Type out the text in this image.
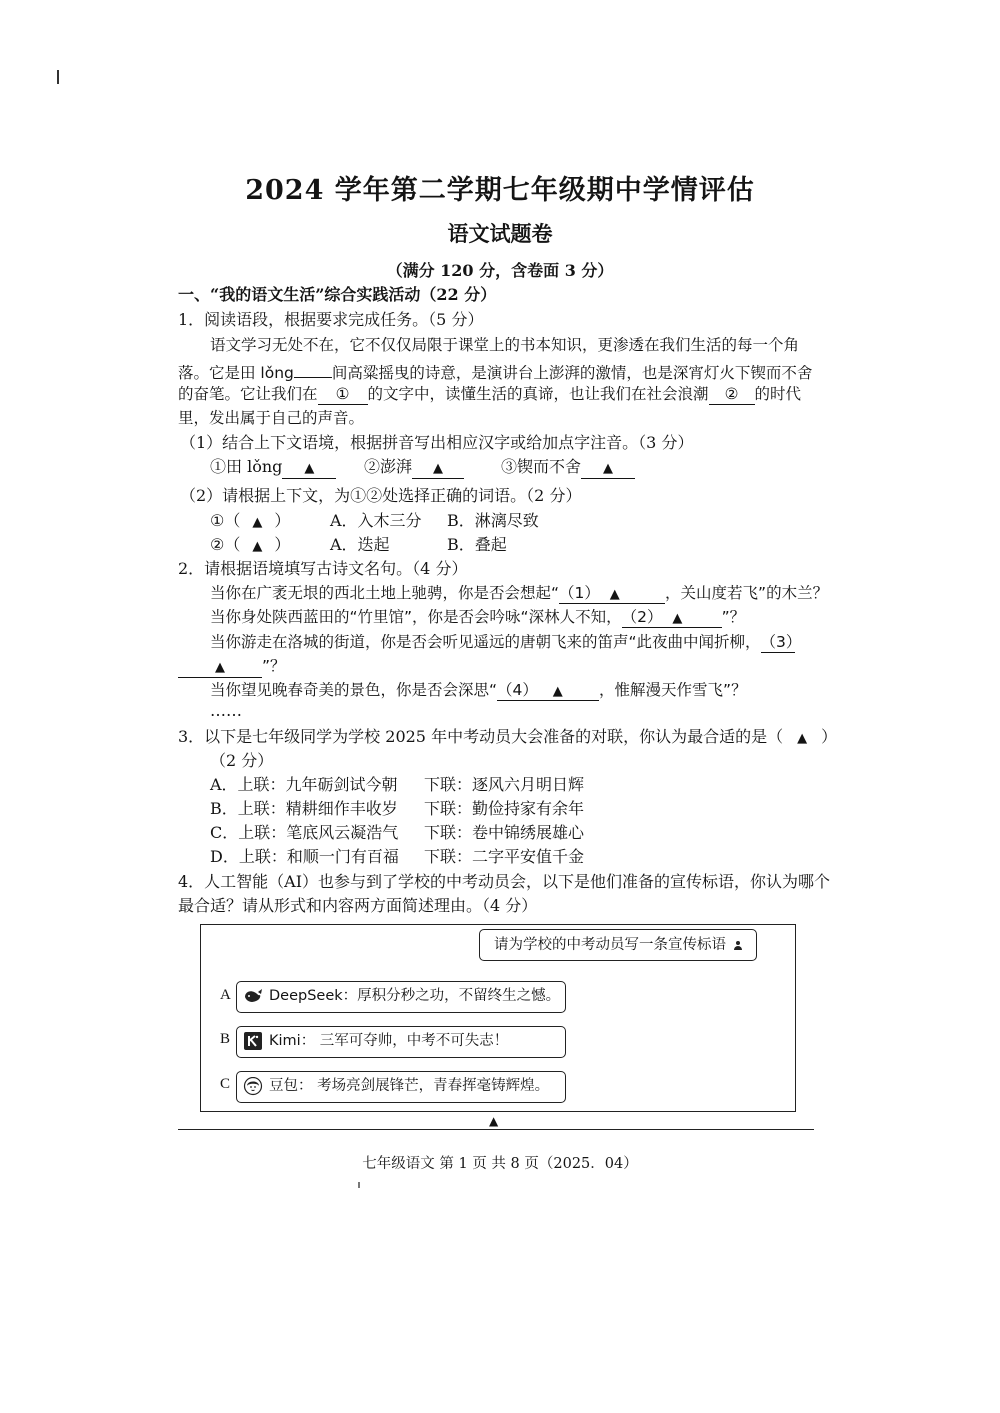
2024 学年第二学期七年级期中学情评估
语文试题卷
（满分 120 分，含卷面 3 分）
一、“我的语文生活”综合实践活动（22 分）
1．阅读语段，根据要求完成任务。（5 分）
语文学习无处不在，它不仅仅局限于课堂上的书本知识，更渗透在我们生活的每一个角
落。它是田 lǒng 间高粱摇曳的诗意，是演讲台上澎湃的激情，也是深宵灯火下锲而不舍
的奋笔。它让我们在 ① 的文字中，读懂生活的真谛，也让我们在社会浪潮 ② 的时代
里，发出属于自己的声音。
（1）结合上下文语境，根据拼音写出相应汉字或给加点字注音。（3 分）
①田 lǒng ▲	②澎湃 ▲	③锲而不舍 ▲
（2）请根据上下文，为①②处选择正确的词语。（2 分）
①（ ▲ ） A．入木三分 B．淋漓尽致
②（ ▲ ） A．迭起	B．叠起
2．请根据语境填写古诗文名句。（4 分）
当你在广袤无垠的西北土地上驰骋，你是否会想起“（1） ▲	，关山度若飞”的木兰？
当你身处陕西蓝田的“竹里馆”，你是否会吟咏“深林人不知，（2） ▲	”？
当你游走在洛城的街道，你是否会听见遥远的唐朝飞来的笛声“此夜曲中闻折柳，（3）
▲ ”？
当你望见晚春奇美的景色，你是否会深思“（4） ▲ ，惟解漫天作雪飞”？
……
3．以下是七年级同学为学校 2025 年中考动员大会准备的对联，你认为最合适的是（ ▲ ）
（2 分）
A．上联：九年砺剑试今朝 下联：逐风六月明日辉
B．上联：精耕细作丰收岁 下联：勤俭持家有余年
C．上联：笔底风云凝浩气 下联：卷中锦绣展雄心
D．上联：和顺一门有百福 下联：二字平安值千金
4．人工智能（AI）也参与到了学校的中考动员会，以下是他们准备的宣传标语，你认为哪个
最合适？请从形式和内容两方面简述理由。（4 分）
请为学校的中考动员写一条宣传标语
A	DeepSeek：厚积分秒之功，不留终生之憾。
B	Kimi： 三军可夺帅，中考不可失志！
C	豆包： 考场亮剑展锋芒，青春挥毫铸辉煌。
▲
七年级语文 第 1 页 共 8 页（2025．04）
